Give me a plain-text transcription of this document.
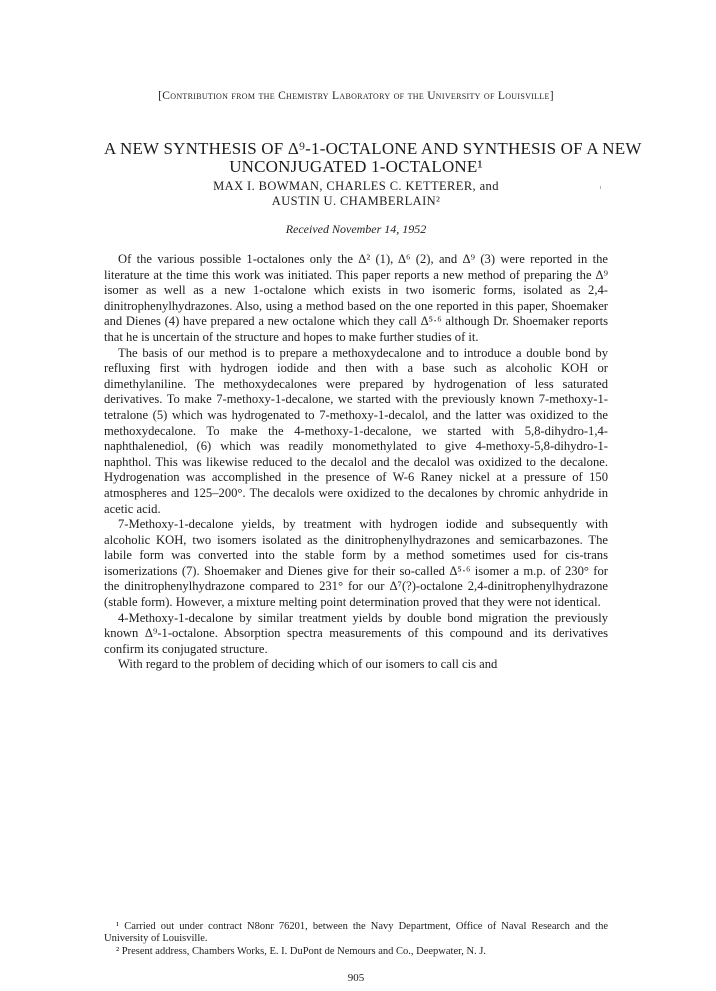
[Contribution from the Chemistry Laboratory of the University of Louisville]
A NEW SYNTHESIS OF Δ⁹-1-OCTALONE AND SYNTHESIS OF A NEW
UNCONJUGATED 1-OCTALONE¹
MAX I. BOWMAN, CHARLES C. KETTERER, and
AUSTIN U. CHAMBERLAIN²
Received November 14, 1952

Of the various possible 1-octalones only the Δ² (1), Δ⁶ (2), and Δ⁹ (3) were reported in the literature at the time this work was initiated. This paper reports a new method of preparing the Δ⁹ isomer as well as a new 1-octalone which exists in two isomeric forms, isolated as 2,4-dinitrophenylhydrazones. Also, using a method based on the one reported in this paper, Shoemaker and Dienes (4) have prepared a new octalone which they call Δ⁵·⁶ although Dr. Shoemaker reports that he is uncertain of the structure and hopes to make further studies of it.

The basis of our method is to prepare a methoxydecalone and to introduce a double bond by refluxing first with hydrogen iodide and then with a base such as alcoholic KOH or dimethylaniline. The methoxydecalones were prepared by hydrogenation of less saturated derivatives. To make 7-methoxy-1-decalone, we started with the previously known 7-methoxy-1-tetralone (5) which was hydrogenated to 7-methoxy-1-decalol, and the latter was oxidized to the methoxydecalone. To make the 4-methoxy-1-decalone, we started with 5,8-dihydro-1,4-naphthalenediol, (6) which was readily monomethylated to give 4-methoxy-5,8-dihydro-1-naphthol. This was likewise reduced to the decalol and the decalol was oxidized to the decalone. Hydrogenation was accomplished in the presence of W-6 Raney nickel at a pressure of 150 atmospheres and 125–200°. The decalols were oxidized to the decalones by chromic anhydride in acetic acid.

7-Methoxy-1-decalone yields, by treatment with hydrogen iodide and subsequently with alcoholic KOH, two isomers isolated as the dinitrophenylhydrazones and semicarbazones. The labile form was converted into the stable form by a method sometimes used for cis-trans isomerizations (7). Shoemaker and Dienes give for their so-called Δ⁵·⁶ isomer a m.p. of 230° for the dinitrophenylhydrazone compared to 231° for our Δ⁷(?)-octalone 2,4-dinitrophenylhydrazone (stable form). However, a mixture melting point determination proved that they were not identical.

4-Methoxy-1-decalone by similar treatment yields by double bond migration the previously known Δ⁹-1-octalone. Absorption spectra measurements of this compound and its derivatives confirm its conjugated structure.

With regard to the problem of deciding which of our isomers to call cis and

¹ Carried out under contract N8onr 76201, between the Navy Department, Office of Naval Research and the University of Louisville.

² Present address, Chambers Works, E. I. DuPont de Nemours and Co., Deepwater, N. J.

905
